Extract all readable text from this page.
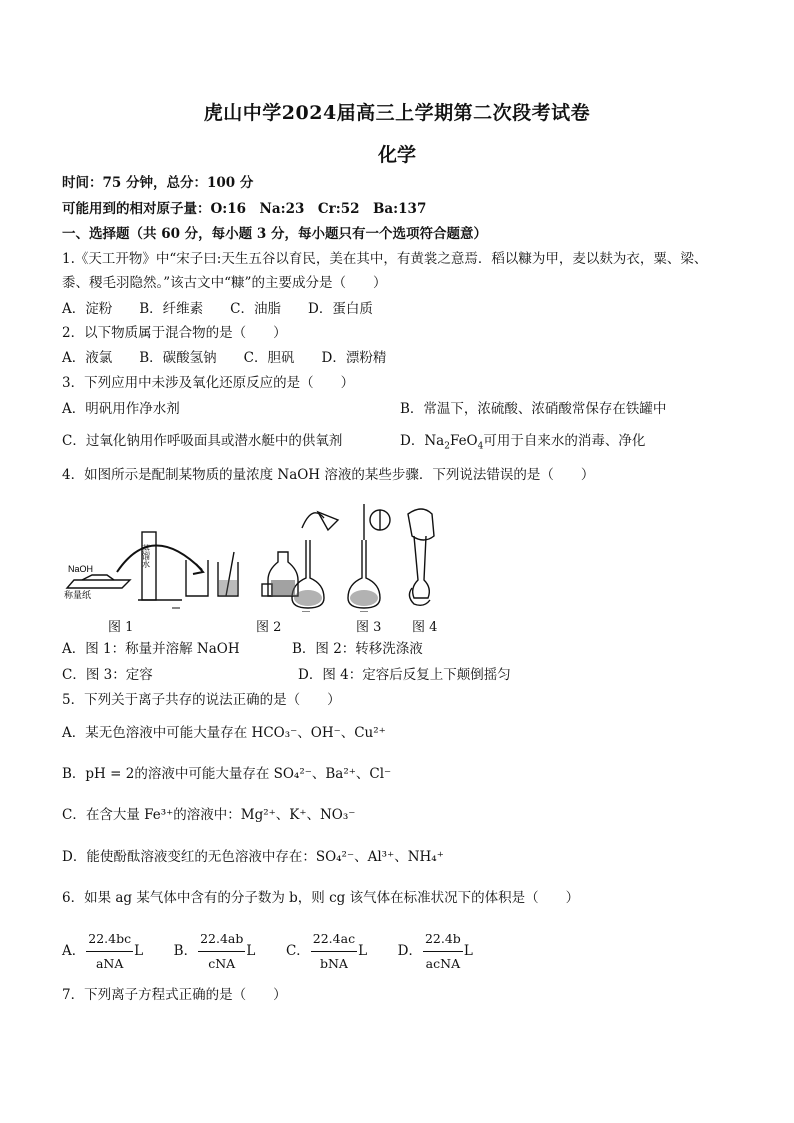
虎山中学2024届高三上学期第二次段考试卷
化学
时间：75 分钟，总分：100 分
可能用到的相对原子量：O:16　Na:23　Cr:52　Ba:137
一、选择题（共 60 分，每小题 3 分，每小题只有一个选项符合题意）
1.《天工开物》中“宋子曰:天生五谷以育民，美在其中，有黄裳之意焉．稻以糠为甲，麦以麸为衣，粟、梁、
黍、稷毛羽隐然。”该古文中“糠”的主要成分是（　　）
A．淀粉　　B．纤维素　　C．油脂　　D．蛋白质
2．以下物质属于混合物的是（　　）
A．液氯　　B．碳酸氢钠　　C．胆矾　　D．漂粉精
3．下列应用中未涉及氧化还原反应的是（　　）
A．明矾用作净水剂	B．常温下，浓硫酸、浓硝酸常保存在铁罐中
C．过氧化钠用作呼吸面具或潜水艇中的供氧剂	D．$Na_2FeO_4$可用于自来水的消毒、净化
4．如图所示是配制某物质的量浓度 NaOH 溶液的某些步骤．下列说法错误的是（　　）
NaOH
称量纸
蒸馏水
图 1	图 2	图 3 图 4
A．图 1：称量并溶解 NaOH	B．图 2：转移洗涤液
C．图 3：定容	D．图 4：定容后反复上下颠倒摇匀
5．下列关于离子共存的说法正确的是（　　）
A．某无色溶液中可能大量存在 HCO₃⁻、OH⁻、Cu²⁺
B．pH = 2的溶液中可能大量存在 SO₄²⁻、Ba²⁺、Cl⁻
C．在含大量 Fe³⁺的溶液中：Mg²⁺、K⁺、NO₃⁻
D．能使酚酞溶液变红的无色溶液中存在：SO₄²⁻、Al³⁺、NH₄⁺
6．如果 ag 某气体中含有的分子数为 b，则 cg 该气体在标准状况下的体积是（　　）
A． $\frac{22.4bc}{\text{aNA}}$ L B． $\frac{22.4ab}{\text{cNA}}$ L C． $\frac{22.4ac}{\text{bNA}}$ L D． $\frac{22.4b}{\text{acNA}}$ L
7．下列离子方程式正确的是（　　）
